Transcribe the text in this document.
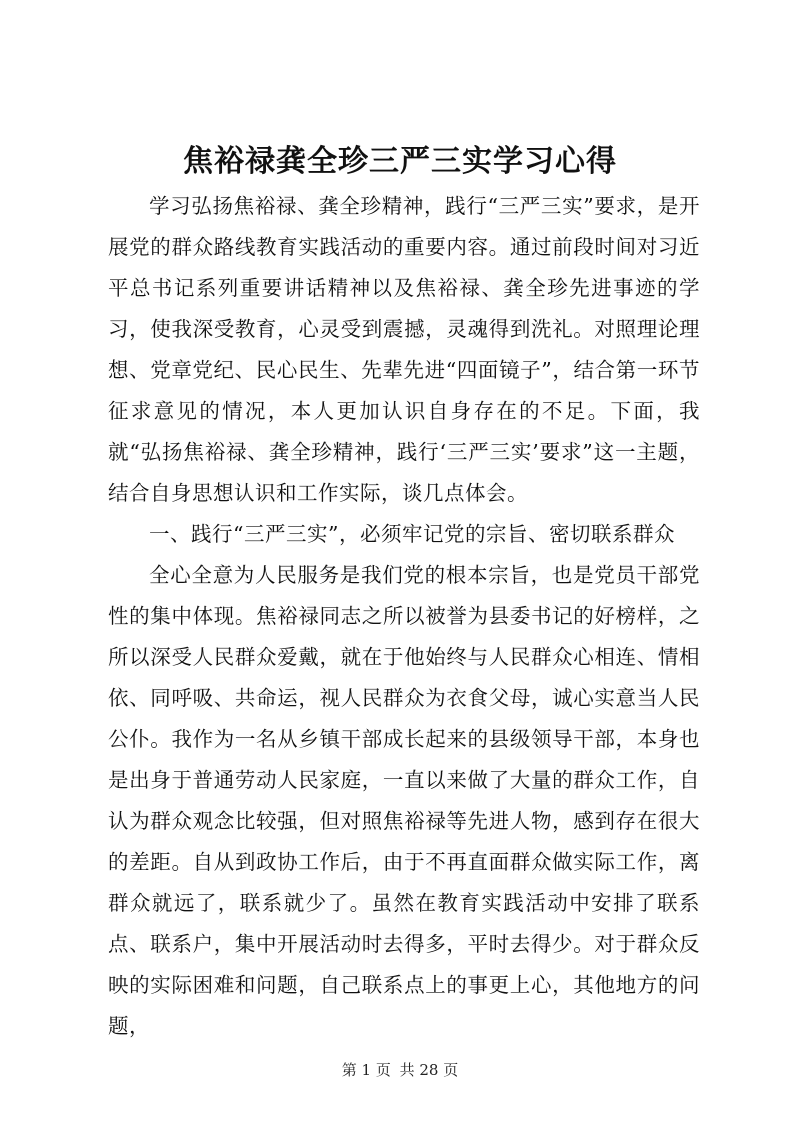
焦裕禄龚全珍三严三实学习心得

学习弘扬焦裕禄、龚全珍精神，践行“三严三实”要求，是开展党的群众路线教育实践活动的重要内容。通过前段时间对习近平总书记系列重要讲话精神以及焦裕禄、龚全珍先进事迹的学习，使我深受教育，心灵受到震撼，灵魂得到洗礼。对照理论理想、党章党纪、民心民生、先辈先进“四面镜子”，结合第一环节征求意见的情况，本人更加认识自身存在的不足。下面，我就“弘扬焦裕禄、龚全珍精神，践行‘三严三实’要求”这一主题，结合自身思想认识和工作实际，谈几点体会。

一、践行“三严三实”，必须牢记党的宗旨、密切联系群众

全心全意为人民服务是我们党的根本宗旨，也是党员干部党性的集中体现。焦裕禄同志之所以被誉为县委书记的好榜样，之所以深受人民群众爱戴，就在于他始终与人民群众心相连、情相依、同呼吸、共命运，视人民群众为衣食父母，诚心实意当人民公仆。我作为一名从乡镇干部成长起来的县级领导干部，本身也是出身于普通劳动人民家庭，一直以来做了大量的群众工作，自认为群众观念比较强，但对照焦裕禄等先进人物，感到存在很大的差距。自从到政协工作后，由于不再直面群众做实际工作，离群众就远了，联系就少了。虽然在教育实践活动中安排了联系点、联系户，集中开展活动时去得多，平时去得少。对于群众反映的实际困难和问题，自己联系点上的事更上心，其他地方的问题，

第 1 页 共 28 页
